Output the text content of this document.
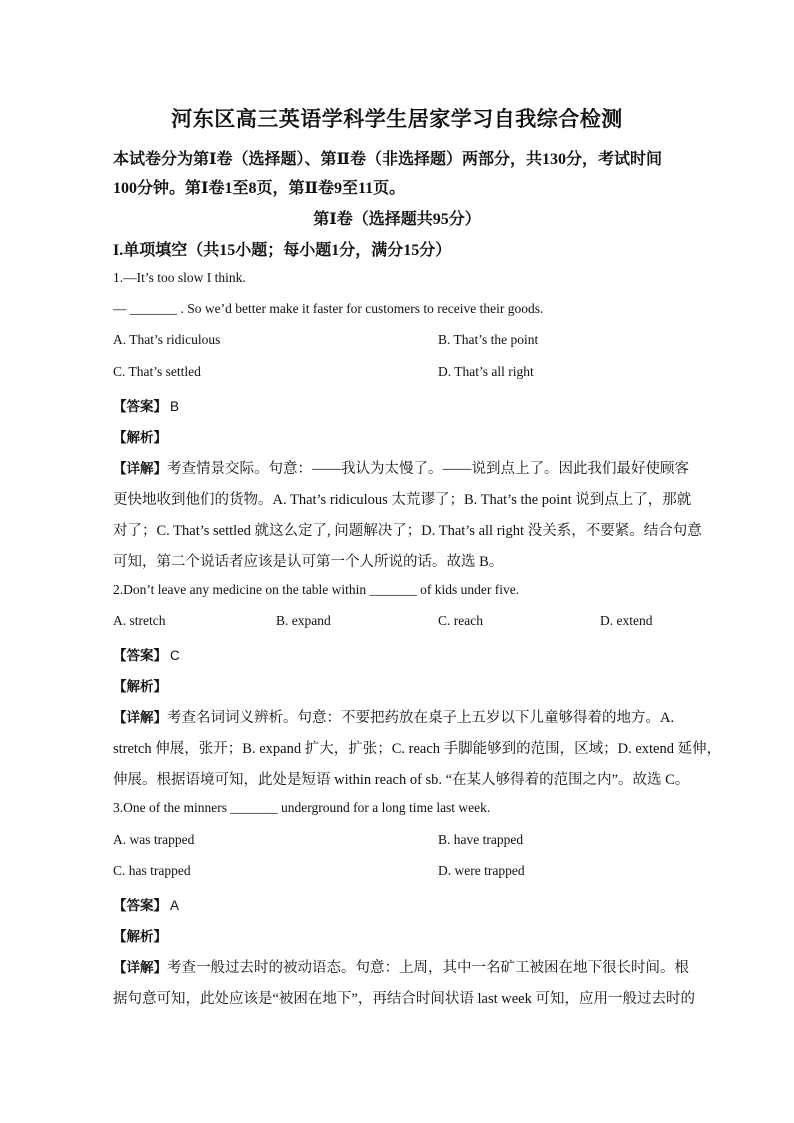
河东区高三英语学科学生居家学习自我综合检测
本试卷分为第Ⅰ卷（选择题）、第Ⅱ卷（非选择题）两部分，共130分，考试时间
100分钟。第Ⅰ卷1至8页，第Ⅱ卷9至11页。
第Ⅰ卷（选择题共95分）
I.单项填空（共15小题；每小题1分，满分15分）
1.—It’s too slow I think.
— _______ . So we’d better make it faster for customers to receive their goods.
A. That’s ridiculous	B. That’s the point
C. That’s settled	D. That’s all right
【答案】 B
【解析】
【详解】考查情景交际。句意：——我认为太慢了。——说到点上了。因此我们最好使顾客
更快地收到他们的货物。A. That’s ridiculous 太荒谬了；B. That’s the point 说到点上了，那就
对了；C. That’s settled 就这么定了, 问题解决了；D. That’s all right 没关系，不要紧。结合句意
可知，第二个说话者应该是认可第一个人所说的话。故选 B。
2.Don’t leave any medicine on the table within _______ of kids under five.
A. stretch	B. expand	C. reach	D. extend
【答案】 C
【解析】
【详解】考查名词词义辨析。句意：不要把药放在桌子上五岁以下儿童够得着的地方。A.
stretch 伸展，张开；B. expand 扩大，扩张；C. reach 手脚能够到的范围，区域；D. extend 延伸，
伸展。根据语境可知，此处是短语 within reach of sb. “在某人够得着的范围之内”。故选 C。
3.One of the minners _______ underground for a long time last week.
A. was trapped	B. have trapped
C. has trapped	D. were trapped
【答案】 A
【解析】
【详解】考查一般过去时的被动语态。句意：上周，其中一名矿工被困在地下很长时间。根
据句意可知，此处应该是“被困在地下”，再结合时间状语 last week 可知，应用一般过去时的
